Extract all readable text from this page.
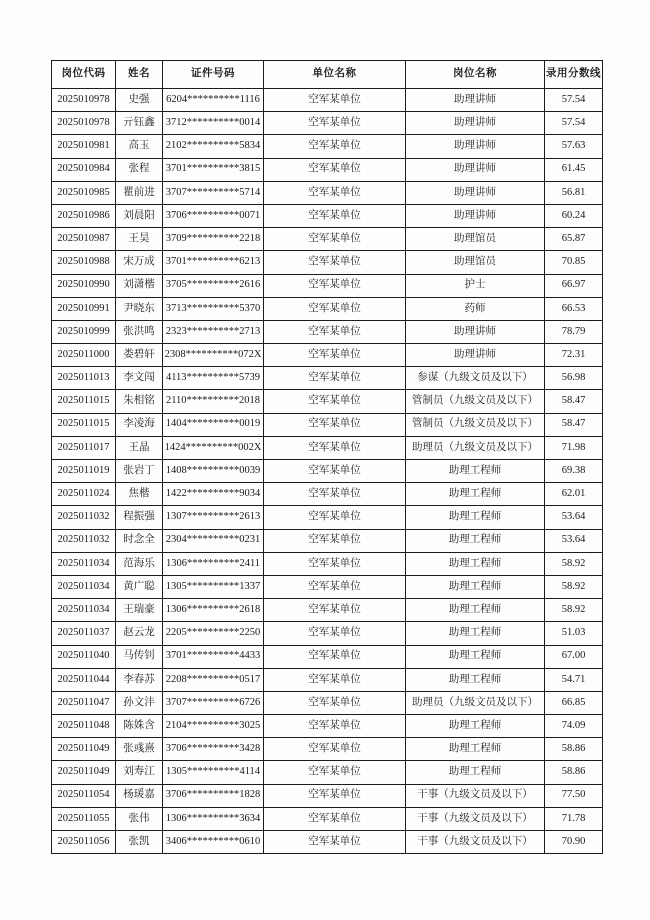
岗位代码	姓名	证件号码	单位名称	岗位名称	录用分数线
2025010978	史强	6204**********1116	空军某单位	助理讲师	57.54
2025010978	亓钰鑫	3712**********0014	空军某单位	助理讲师	57.54
2025010981	高玉	2102**********5834	空军某单位	助理讲师	57.63
2025010984	张程	3701**********3815	空军某单位	助理讲师	61.45
2025010985	瞿前进	3707**********5714	空军某单位	助理讲师	56.81
2025010986	刘晨阳	3706**********0071	空军某单位	助理讲师	60.24
2025010987	王昊	3709**********2218	空军某单位	助理馆员	65.87
2025010988	宋万成	3701**********6213	空军某单位	助理馆员	70.85
2025010990	刘潇楷	3705**********2616	空军某单位	护士	66.97
2025010991	尹晓东	3713**********5370	空军某单位	药师	66.53
2025010999	张洪鸣	2323**********2713	空军某单位	助理讲师	78.79
2025011000	娄碧轩	2308**********072X	空军某单位	助理讲师	72.31
2025011013	李文闯	4113**********5739	空军某单位	参谋（九级文员及以下）	56.98
2025011015	朱相铭	2110**********2018	空军某单位	管制员（九级文员及以下）	58.47
2025011015	李凌海	1404**********0019	空军某单位	管制员（九级文员及以下）	58.47
2025011017	王晶	1424**********002X	空军某单位	助理员（九级文员及以下）	71.98
2025011019	张岩丁	1408**********0039	空军某单位	助理工程师	69.38
2025011024	焦楷	1422**********9034	空军某单位	助理工程师	62.01
2025011032	程振强	1307**********2613	空军某单位	助理工程师	53.64
2025011032	时念全	2304**********0231	空军某单位	助理工程师	53.64
2025011034	范海乐	1306**********2411	空军某单位	助理工程师	58.92
2025011034	黄广聪	1305**********1337	空军某单位	助理工程师	58.92
2025011034	王瑞豪	1306**********2618	空军某单位	助理工程师	58.92
2025011037	赵云龙	2205**********2250	空军某单位	助理工程师	51.03
2025011040	马传钊	3701**********4433	空军某单位	助理工程师	67.00
2025011044	李春苏	2208**********0517	空军某单位	助理工程师	54.71
2025011047	孙文沣	3707**********6726	空军某单位	助理员（九级文员及以下）	66.85
2025011048	陈姝含	2104**********3025	空军某单位	助理工程师	74.09
2025011049	张彧熹	3706**********3428	空军某单位	助理工程师	58.86
2025011049	刘寿江	1305**********4114	空军某单位	助理工程师	58.86
2025011054	杨瑗嘉	3706**********1828	空军某单位	干事（九级文员及以下）	77.50
2025011055	张伟	1306**********3634	空军某单位	干事（九级文员及以下）	71.78
2025011056	张凯	3406**********0610	空军某单位	干事（九级文员及以下）	70.90
